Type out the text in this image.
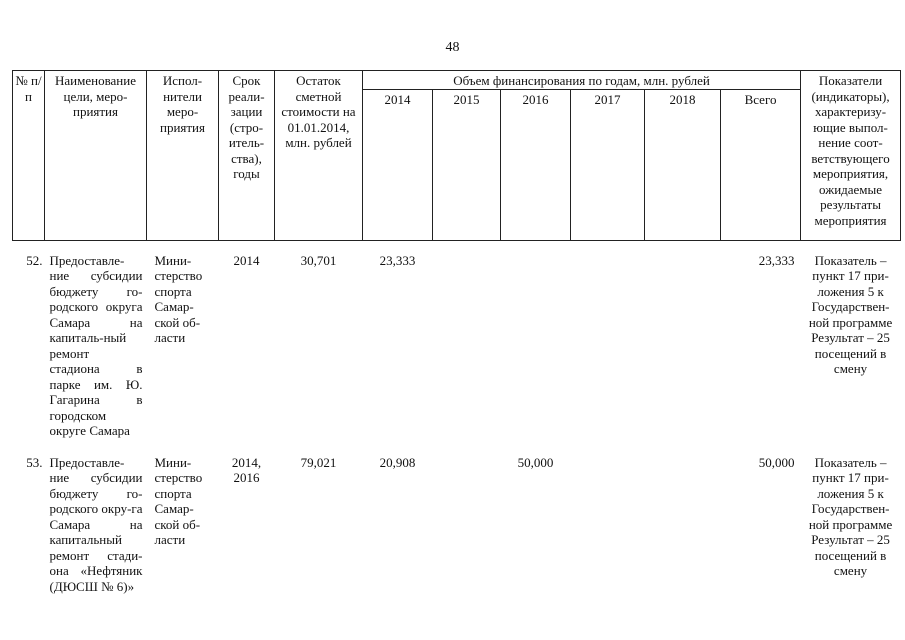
48
№ п/п	Наименование цели, меро-приятия	Испол-нители меро-приятия	Срок реали-зации (стро-итель-ства), годы	Остаток сметной стоимости на 01.01.2014, млн. рублей	Объем финансирования по годам, млн. рублей						Показатели (индикаторы), характеризу-ющие выпол-нение соот-ветствующего мероприятия, ожидаемые результаты мероприятия
					2014	2015	2016	2017	2018	Всего	

52.	Предоставле-ние субсидии бюджету го-родского округа Самара на капиталь-ный ремонт стадиона в парке им. Ю. Гагарина в городском округе Самара	Мини-стерство спорта Самар-ской об-ласти	2014	30,701	23,333					23,333	Показатель – пункт 17 при-ложения 5 к Государствен-ной программе Результат – 25 посещений в смену

53.	Предоставле-ние субсидии бюджету го-родского окру-га Самара на капитальный ремонт стади-она «Нефтяник (ДЮСШ № 6)»	Мини-стерство спорта Самар-ской об-ласти	2014, 2016	79,021	20,908		50,000			50,000	Показатель – пункт 17 при-ложения 5 к Государствен-ной программе Результат – 25 посещений в смену
